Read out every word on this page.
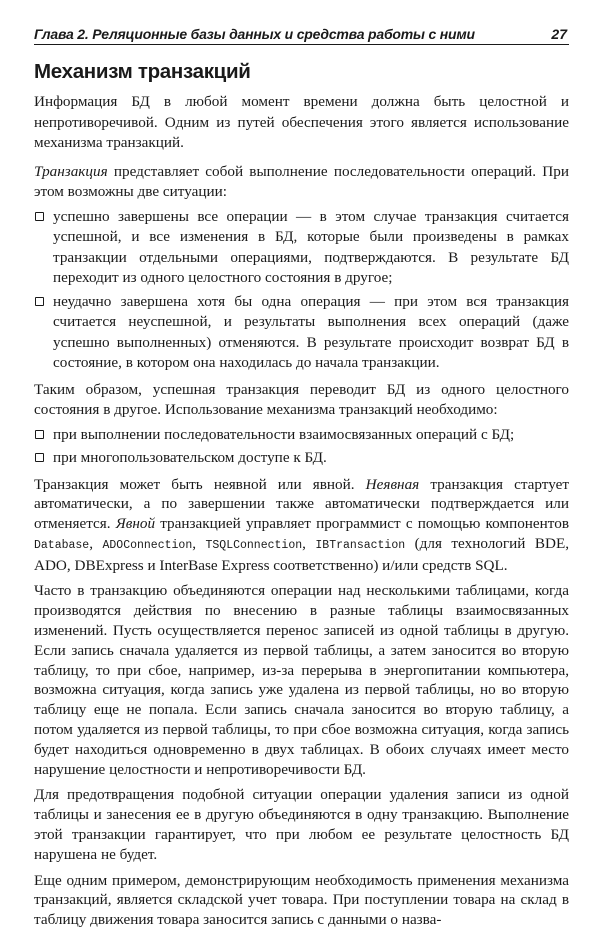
Глава 2. Реляционные базы данных и средства работы с ними	27
Механизм транзакций

Информация БД в любой момент времени должна быть целостной и непротиворечивой. Одним из путей обеспечения этого является использование механизма транзакций.

Транзакция представляет собой выполнение последовательности операций. При этом возможны две ситуации:

успешно завершены все операции — в этом случае транзакция считается успешной, и все изменения в БД, которые были произведены в рамках транзакции отдельными операциями, подтверждаются. В результате БД переходит из одного целостного состояния в другое;
неудачно завершена хотя бы одна операция — при этом вся транзакция считается неуспешной, и результаты выполнения всех операций (даже успешно выполненных) отменяются. В результате происходит возврат БД в состояние, в котором она находилась до начала транзакции.

Таким образом, успешная транзакция переводит БД из одного целостного состояния в другое. Использование механизма транзакций необходимо:

при выполнении последовательности взаимосвязанных операций с БД;
при многопользовательском доступе к БД.

Транзакция может быть неявной или явной. Неявная транзакция стартует автоматически, а по завершении также автоматически подтверждается или отменяется. Явной транзакцией управляет программист с помощью компонентов Database, ADOConnection, TSQLConnection, IBTransaction (для технологий BDE, ADO, DBExpress и InterBase Express соответственно) и/или средств SQL.

Часто в транзакцию объединяются операции над несколькими таблицами, когда производятся действия по внесению в разные таблицы взаимосвязанных изменений. Пусть осуществляется перенос записей из одной таблицы в другую. Если запись сначала удаляется из первой таблицы, а затем заносится во вторую таблицу, то при сбое, например, из-за перерыва в энергопитании компьютера, возможна ситуация, когда запись уже удалена из первой таблицы, но во вторую таблицу еще не попала. Если запись сначала заносится во вторую таблицу, а потом удаляется из первой таблицы, то при сбое возможна ситуация, когда запись будет находиться одновременно в двух таблицах. В обоих случаях имеет место нарушение целостности и непротиворечивости БД.

Для предотвращения подобной ситуации операции удаления записи из одной таблицы и занесения ее в другую объединяются в одну транзакцию. Выполнение этой транзакции гарантирует, что при любом ее результате целостность БД нарушена не будет.

Еще одним примером, демонстрирующим необходимость применения механизма транзакций, является складской учет товара. При поступлении товара на склад в таблицу движения товара заносится запись с данными о назва-
